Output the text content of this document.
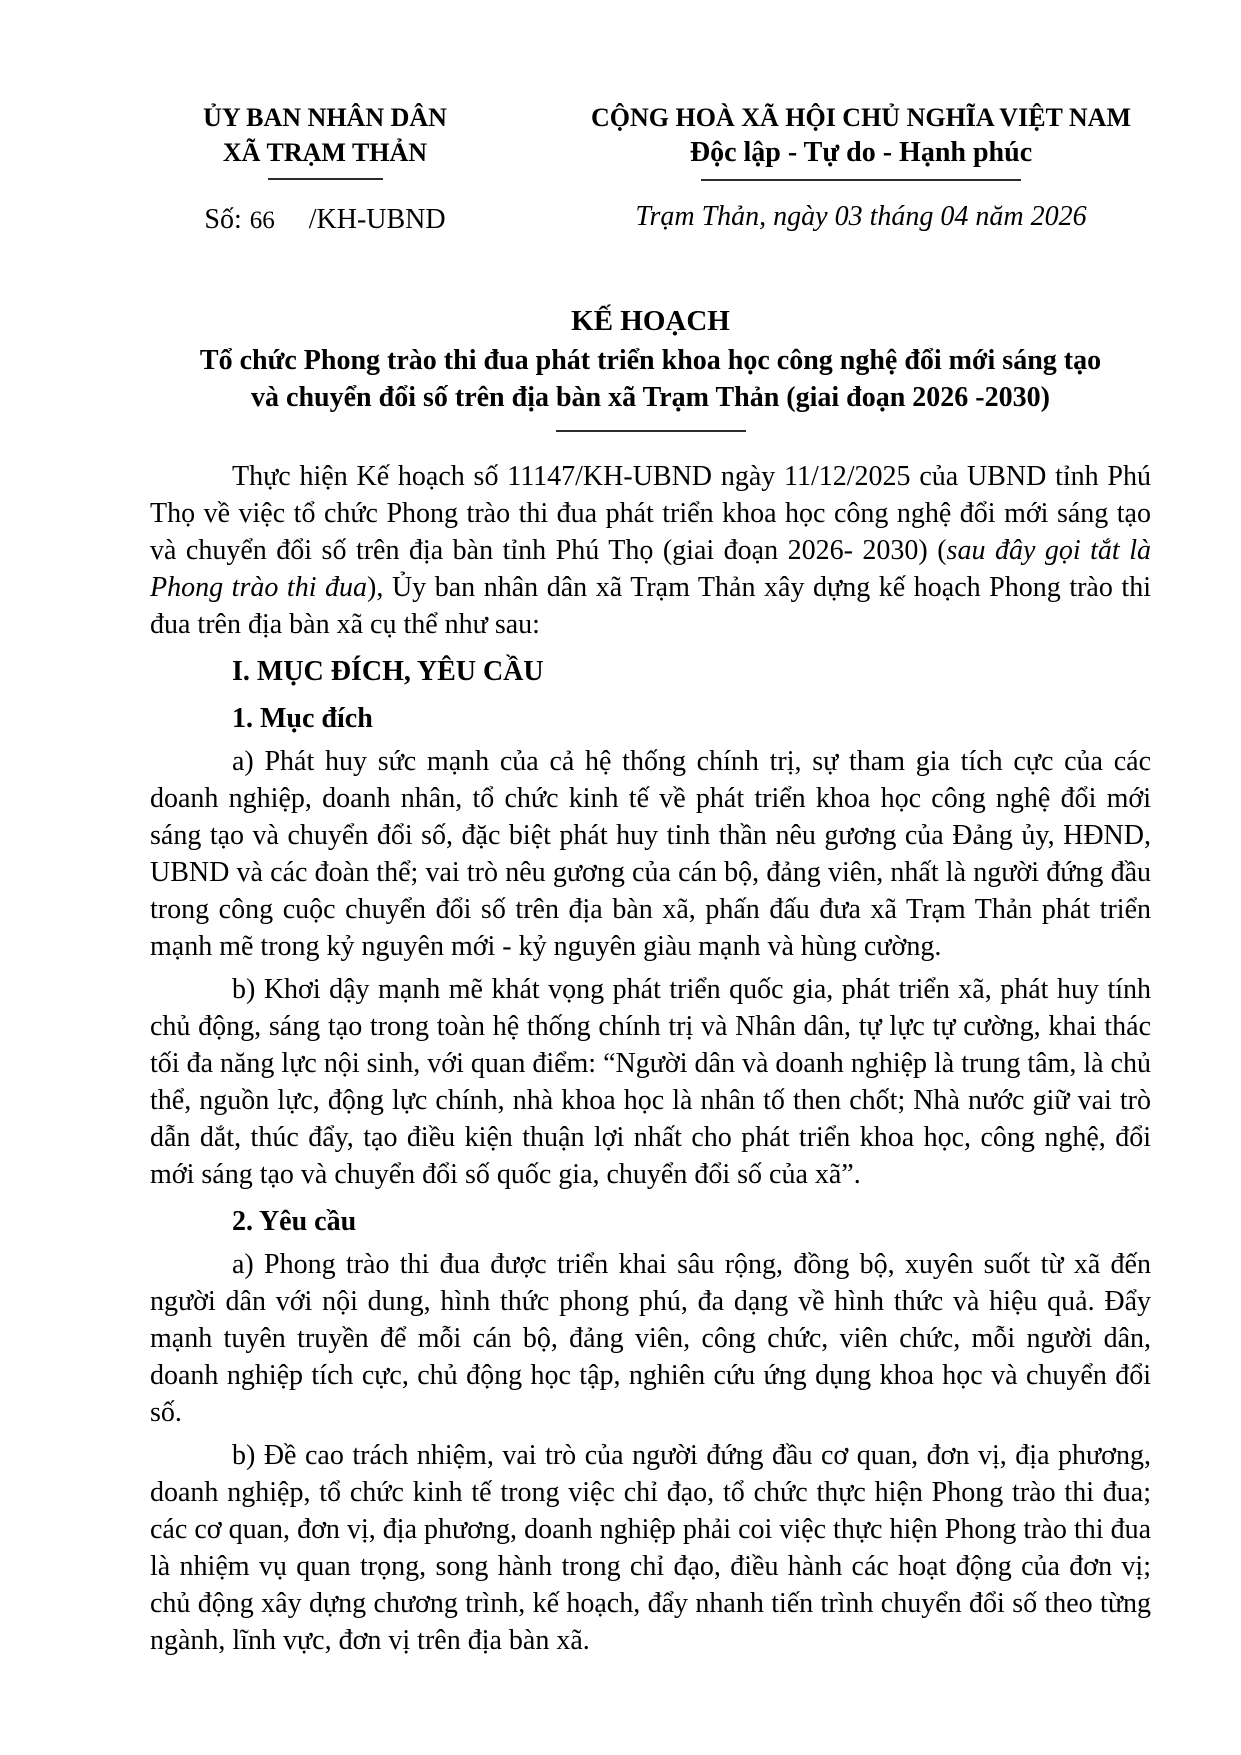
ỦY BAN NHÂN DÂN
XÃ TRẠM THẢN
Số: 66 /KH-UBND
CỘNG HOÀ XÃ HỘI CHỦ NGHĨA VIỆT NAM
Độc lập - Tự do - Hạnh phúc
Trạm Thản, ngày 03 tháng 04 năm 2026
KẾ HOẠCH
Tổ chức Phong trào thi đua phát triển khoa học công nghệ đổi mới sáng tạo
và chuyển đổi số trên địa bàn xã Trạm Thản (giai đoạn 2026 -2030)

Thực hiện Kế hoạch số 11147/KH-UBND ngày 11/12/2025 của UBND tỉnh Phú Thọ về việc tổ chức Phong trào thi đua phát triển khoa học công nghệ đổi mới sáng tạo và chuyển đổi số trên địa bàn tỉnh Phú Thọ (giai đoạn 2026- 2030) (sau đây gọi tắt là Phong trào thi đua), Ủy ban nhân dân xã Trạm Thản xây dựng kế hoạch Phong trào thi đua trên địa bàn xã cụ thể như sau:

I. MỤC ĐÍCH, YÊU CẦU

1. Mục đích

a) Phát huy sức mạnh của cả hệ thống chính trị, sự tham gia tích cực của các doanh nghiệp, doanh nhân, tổ chức kinh tế về phát triển khoa học công nghệ đổi mới sáng tạo và chuyển đổi số, đặc biệt phát huy tinh thần nêu gương của Đảng ủy, HĐND, UBND và các đoàn thể; vai trò nêu gương của cán bộ, đảng viên, nhất là người đứng đầu trong công cuộc chuyển đổi số trên địa bàn xã, phấn đấu đưa xã Trạm Thản phát triển mạnh mẽ trong kỷ nguyên mới - kỷ nguyên giàu mạnh và hùng cường.

b) Khơi dậy mạnh mẽ khát vọng phát triển quốc gia, phát triển xã, phát huy tính chủ động, sáng tạo trong toàn hệ thống chính trị và Nhân dân, tự lực tự cường, khai thác tối đa năng lực nội sinh, với quan điểm: “Người dân và doanh nghiệp là trung tâm, là chủ thể, nguồn lực, động lực chính, nhà khoa học là nhân tố then chốt; Nhà nước giữ vai trò dẫn dắt, thúc đẩy, tạo điều kiện thuận lợi nhất cho phát triển khoa học, công nghệ, đổi mới sáng tạo và chuyển đổi số quốc gia, chuyển đổi số của xã”.

2. Yêu cầu

a) Phong trào thi đua được triển khai sâu rộng, đồng bộ, xuyên suốt từ xã đến người dân với nội dung, hình thức phong phú, đa dạng về hình thức và hiệu quả. Đẩy mạnh tuyên truyền để mỗi cán bộ, đảng viên, công chức, viên chức, mỗi người dân, doanh nghiệp tích cực, chủ động học tập, nghiên cứu ứng dụng khoa học và chuyển đổi số.

b) Đề cao trách nhiệm, vai trò của người đứng đầu cơ quan, đơn vị, địa phương, doanh nghiệp, tổ chức kinh tế trong việc chỉ đạo, tổ chức thực hiện Phong trào thi đua; các cơ quan, đơn vị, địa phương, doanh nghiệp phải coi việc thực hiện Phong trào thi đua là nhiệm vụ quan trọng, song hành trong chỉ đạo, điều hành các hoạt động của đơn vị; chủ động xây dựng chương trình, kế hoạch, đẩy nhanh tiến trình chuyển đổi số theo từng ngành, lĩnh vực, đơn vị trên địa bàn xã.
